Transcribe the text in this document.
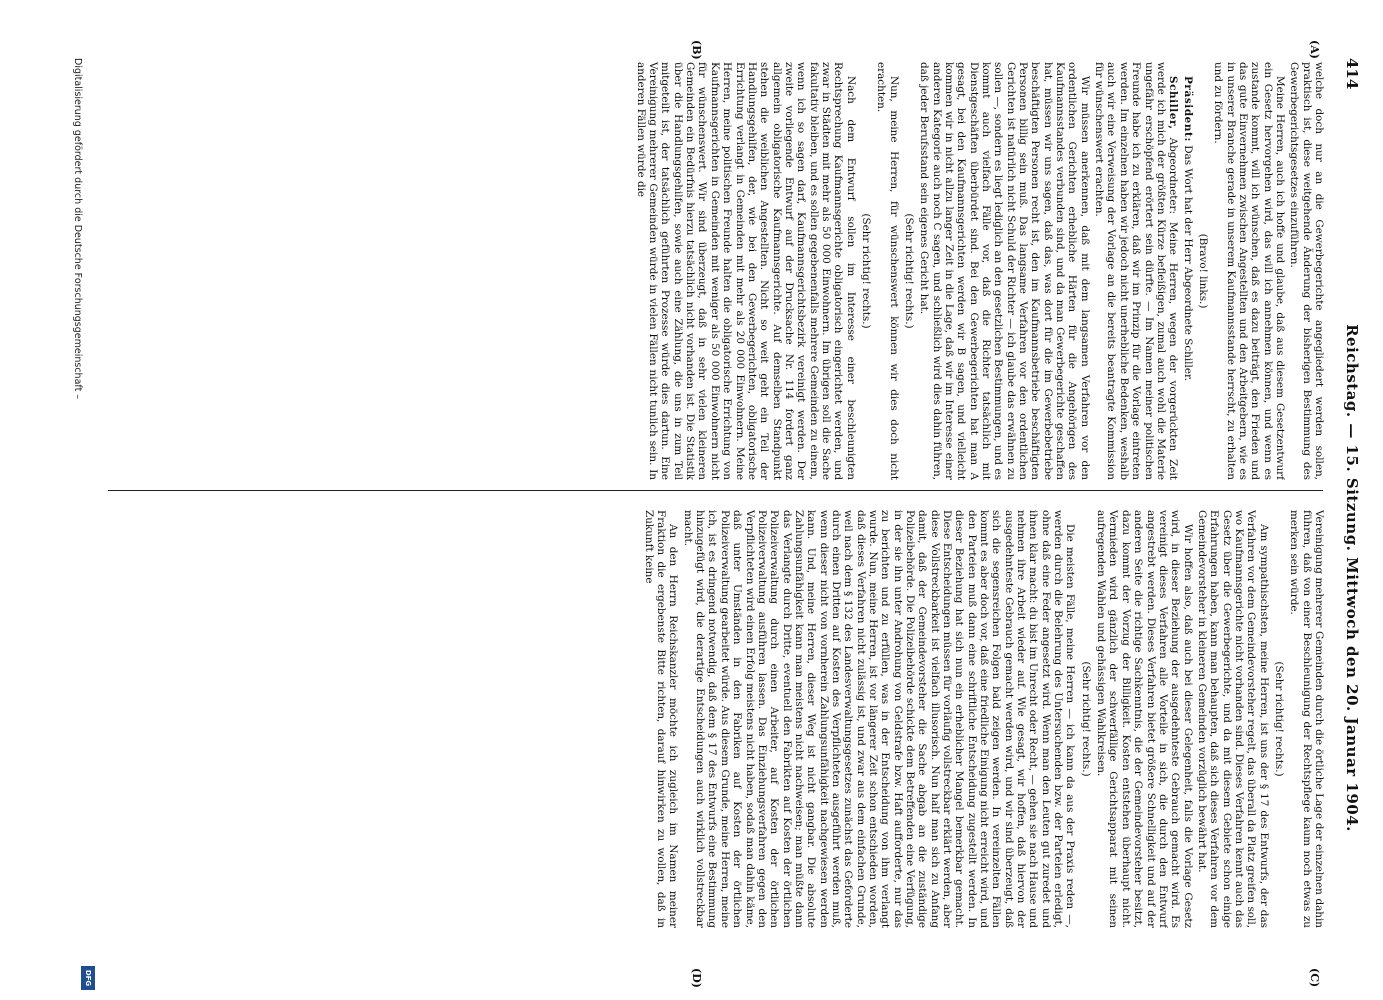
414
Reichstag. — 15. Sitzung. Mittwoch den 20. Januar 1904.
(A)
(B)
(C)
(D)

welche doch nur an die Gewerbegerichte angegliedert werden sollen, praktisch ist, diese weitgehende Änderung der bisherigen Bestimmung des Gewerbegerichtsgesetzes einzuführen.

Meine Herren, auch ich hoffe und glaube, daß aus diesem Gesetzentwurf ein Gesetz hervorgehen wird, das will ich annehmen können, und wenn es zustande kommt, will ich wünschen, daß es dazu beiträgt, den Frieden und das gute Einvernehmen zwischen Angestellten und den Arbeitgebern, wie es in unserer Branche gerade in unserem Kaufmannsstande herrscht, zu erhalten und zu fördern.

(Bravo! links.)

Präsident: Das Wort hat der Herr Abgeordnete Schiller.

Schiller, Abgeordneter: Meine Herren, wegen der vorgerückten Zeit werde ich mich der größten Kürze befleißigen, zumal auch wohl die Materie ungefähr erschöpfend erörtert sein dürfte. — Im Namen meiner politischen Freunde habe ich zu erklären, daß wir im Prinzip für die Vorlage eintreten werden. Im einzelnen haben wir jedoch nicht unerhebliche Bedenken, weshalb auch wir eine Verweisung der Vorlage an die bereits beantragte Kommission für wünschenswert erachten.

Wir müssen anerkennen, daß mit dem langsamen Verfahren vor den ordentlichen Gerichten erhebliche Härten für die Angehörigen des Kaufmannsstandes verbunden sind, und da man Gewerbegerichte geschaffen hat, müssen wir uns sagen, daß das, was dort für die im Gewerbebetriebe beschäftigten Personen recht ist, den im Kaufmannsbetriebe beschäftigten Personen billig sein muß. Das langsame Verfahren vor den ordentlichen Gerichten ist natürlich nicht Schuld der Richter — ich glaube das erwähnen zu sollen —, sondern es liegt lediglich an den gesetzlichen Bestimmungen, und es kommt auch vielfach Fälle vor, daß die Richter tatsächlich mit Dienstgeschäften überbürdet sind. Bei den Gewerbegerichten hat man A gesagt, bei den Kaufmannsgerichten werden wir B sagen, und vielleicht kommen wir in nicht allzu langer Zeit in die Lage, daß wir im Interesse einer anderen Kategorie auch noch C sagen, und schließlich wird dies dahin führen, daß jeder Berufsstand sein eigenes Gericht hat.

(Sehr richtig! rechts.)

Nun, meine Herren, für wünschenswert können wir dies doch nicht erachten.

(Sehr richtig! rechts.)

Nach dem Entwurf sollen im Interesse einer beschleunigten Rechtsprechung Kaufmannsgerichte obligatorisch eingerichtet werden, und zwar in Städten mit mehr als 50 000 Einwohnern. Im übrigen soll die Sache fakultativ bleiben, und es sollen gegebenenfalls mehrere Gemeinden zu einem, wenn ich so sagen darf, Kaufmannsgerichtsbezirk vereinigt werden. Der zweite vorliegende Entwurf auf der Drucksache Nr. 114 fordert ganz allgemein obligatorische Kaufmannsgerichte. Auf demselben Standpunkt stehen die weiblichen Angestellten. Nicht so weit geht ein Teil der Handlungsgehilfen, der, wie bei den Gewerbegerichten, obligatorische Errichtung verlangt in Gemeinden mit mehr als 20 000 Einwohnern. Meine Herren, meine politischen Freunde halten die obligatorische Errichtung von Kaufmannsgerichten in Gemeinden mit weniger als 50 000 Einwohnern nicht für wünschenswert. Wir sind überzeugt, daß in sehr vielen kleineren Gemeinden ein Bedürfnis hierzu tatsächlich nicht vorhanden ist. Die Statistik über die Handlungsgehilfen, sowie auch eine Zählung, die uns in zum Teil mitgeteilt ist, der tatsächlich geführten Prozesse würde dies dartun. Eine Vereinigung mehrerer Gemeinden würde in vielen Fällen nicht tunlich sein. In anderen Fällen würde die

Vereinigung mehrerer Gemeinden durch die örtliche Lage der einzelnen dahin führen, daß von einer Beschleunigung der Rechtspflege kaum noch etwas zu merken sein würde.

(Sehr richtig! rechts.)

Am sympathischsten, meine Herren, ist uns der § 17 des Entwurfs, der das Verfahren vor dem Gemeindevorsteher regelt, das überall da Platz greifen soll, wo Kaufmannsgerichte nicht vorhanden sind. Dieses Verfahren kennt auch das Gesetz über die Gewerbegerichte, und da mit diesem Gebiete schon einige Erfahrungen haben, kann man behaupten, daß sich dieses Verfahren vor dem Gemeindevorsteher in kleineren Gemeinden vorzüglich bewährt hat.

Wir hoffen also, daß auch bei dieser Gelegenheit, falls die Vorlage Gesetz wird, in dieser Beziehung der ausgedehnteste Gebrauch gemacht wird. Es vereinigt dieses Verfahren alle Vorteile in sich, die durch den Entwurf angestrebt werden. Dieses Verfahren bietet größere Schnelligkeit und auf der anderen Seite die richtige Sachkenntnis, die der Gemeindevorsteher besitzt, dazu kommt der Vorzug der Billigkeit. Kosten entstehen überhaupt nicht. Vermieden wird gänzlich der schwerfällige Gerichtsapparat mit seinen aufregenden Wahlen und gehässigen Wahlkreisen.

(Sehr richtig! rechts.)

Die meisten Fälle, meine Herren — ich kann da aus der Praxis reden —, werden durch die Belehrung des Untersuchenden bzw. der Parteien erledigt, ohne daß eine Feder angesetzt wird. Wenn man den Leuten gut zuredet und ihnen klar macht: du bist im Unrecht oder Recht, — gehen sie nach Hause und nehmen ihre Arbeit wieder auf. Wie gesagt, wir hoffen, daß hiervon der ausgedehnteste Gebrauch gemacht werden wird, und wir sind überzeugt, daß sich die segensreichen Folgen bald zeigen werden. In vereinzelten Fällen kommt es aber doch vor, daß eine friedliche Einigung nicht erreicht wird, und den Parteien muß dann eine schriftliche Entscheidung zugestellt werden. In dieser Beziehung hat sich nun ein erheblicher Mangel bemerkbar gemacht. Diese Entscheidungen müssen für vorläufig vollstreckbar erklärt werden, aber diese Vollstreckbarkeit ist vielfach illusorisch. Nun half man sich zu Anfang damit, daß der Gemeindevorsteher die Sache abgab an die zuständige Polizeibehörde. Die Polizeibehörde schickte dem Betreffenden eine Verfügung, in der sie ihn unter Androhung von Geldstrafe bzw. Haft aufforderte, nur das zu berichten und zu erfüllen, was in der Entscheidung von ihm verlangt wurde. Nun, meine Herren, ist vor längerer Zeit schon entschieden worden, daß dieses Verfahren nicht zulässig ist, und zwar aus dem einfachen Grunde, weil nach dem § 132 des Landesverwaltungsgesetzes zunächst das Geforderte durch einen Dritten auf Kosten des Verpflichteten ausgeführt werden muß, wenn dieser nicht von vornherein Zahlungsunfähigkeit nachgewiesen werden kann. Und, meine Herren, dieser Weg ist nicht gangbar. Die absolute Zahlungsunfähigkeit kann man meistens nicht nachweisen; man müßte dann das Verlangte durch Dritte, eventuell den Fabrikten auf Kosten der örtlichen Polizeiverwaltung durch einen Arbeiter, auf Kosten der örtlichen Polizeiverwaltung ausführen lassen. Das Einziehungsverfahren gegen den Verpflichteten wird einen Erfolg meistens nicht haben, sodaß man dahin käme, daß unter Umständen in den Fabriken auf Kosten der örtlichen Polizeiverwaltung gearbeitet würde. Aus diesem Grunde, meine Herren, meine ich, ist es dringend notwendig, daß dem § 17 des Entwurfs eine Bestimmung hinzugefügt wird, die derartige Entscheidungen auch wirklich vollstreckbar macht.

An den Herrn Reichskanzler möchte ich zugleich im Namen meiner Fraktion die ergebenste Bitte richten, darauf hinwirken zu wollen, daß in Zukunft keine

Digitalisierung gefördert durch die Deutsche Forschungsgemeinschaft –
DFG
